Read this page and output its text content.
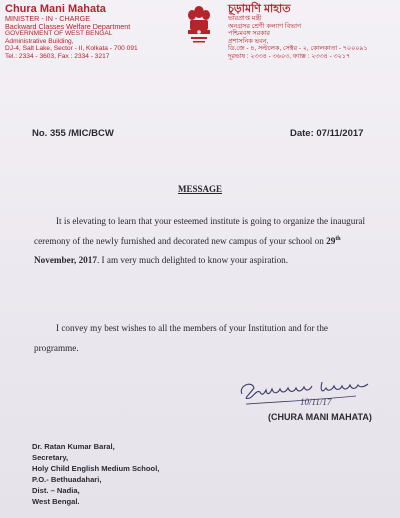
Chura Mani Mahata
MINISTER - IN - CHARGE
Backward Classes Welfare Department
GOVERNMENT OF WEST BENGAL
Administrative Building,
DJ-4, Salt Lake, Sector - II, Kolkata - 700 091
Tel.: 2334 - 3603, Fax : 2334 - 3217
চূড়ামণি মাহাত
ভারপ্রাপ্ত মন্ত্রী
অনগ্রসর শ্রেণী কল্যাণ বিভাগ
পশ্চিমবঙ্গ সরকার
প্রশাসনিক ভবন,
ডি.জে - ৪, সল্টলেক, সেক্টর - ২, কোলকাতা - ৭০০০৯১
দূরভাষ : ২৩৩৪ - ৩৬০৩, ফ্যাক্স : ২৩৩৪ - ৩২১৭
No. 355 /MIC/BCW	Date: 07/11/2017
MESSAGE
It is elevating to learn that your esteemed institute is going to organize the inaugural ceremony of the newly furnished and decorated new campus of your school on 29th November, 2017. I am very much delighted to know your aspiration.
I convey my best wishes to all the members of your Institution and for the programme.
10/11/17
(CHURA MANI MAHATA)
Dr. Ratan Kumar Baral,
Secretary,
Holy Child English Medium School,
P.O.- Bethuadahari,
Dist. – Nadia,
West Bengal.
